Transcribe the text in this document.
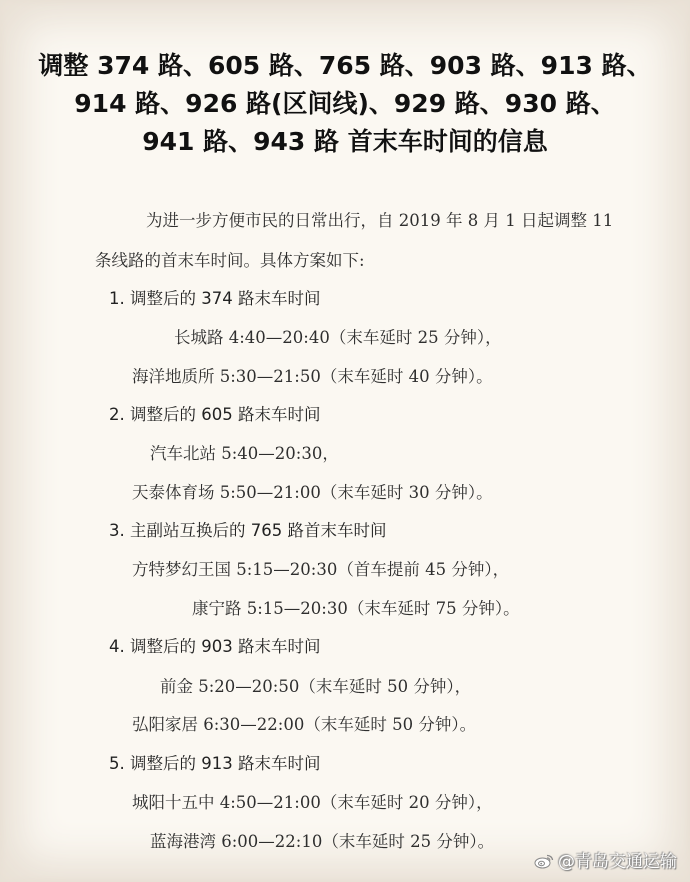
调整 374 路、605 路、765 路、903 路、913 路、
914 路、926 路(区间线)、929 路、930 路、
941 路、943 路 首末车时间的信息
为进一步方便市民的日常出行，自 2019 年 8 月 1 日起调整 11
条线路的首末车时间。具体方案如下:
1. 调整后的 374 路末车时间
长城路 4:40—20:40（末车延时 25 分钟），
海洋地质所 5:30—21:50（末车延时 40 分钟）。
2. 调整后的 605 路末车时间
汽车北站 5:40—20:30，
天泰体育场 5:50—21:00（末车延时 30 分钟）。
3. 主副站互换后的 765 路首末车时间
方特梦幻王国 5:15—20:30（首车提前 45 分钟），
康宁路 5:15—20:30（末车延时 75 分钟）。
4. 调整后的 903 路末车时间
前金 5:20—20:50（末车延时 50 分钟），
弘阳家居 6:30—22:00（末车延时 50 分钟）。
5. 调整后的 913 路末车时间
城阳十五中 4:50—21:00（末车延时 20 分钟），
蓝海港湾 6:00—22:10（末车延时 25 分钟）。
@青岛交通运输
